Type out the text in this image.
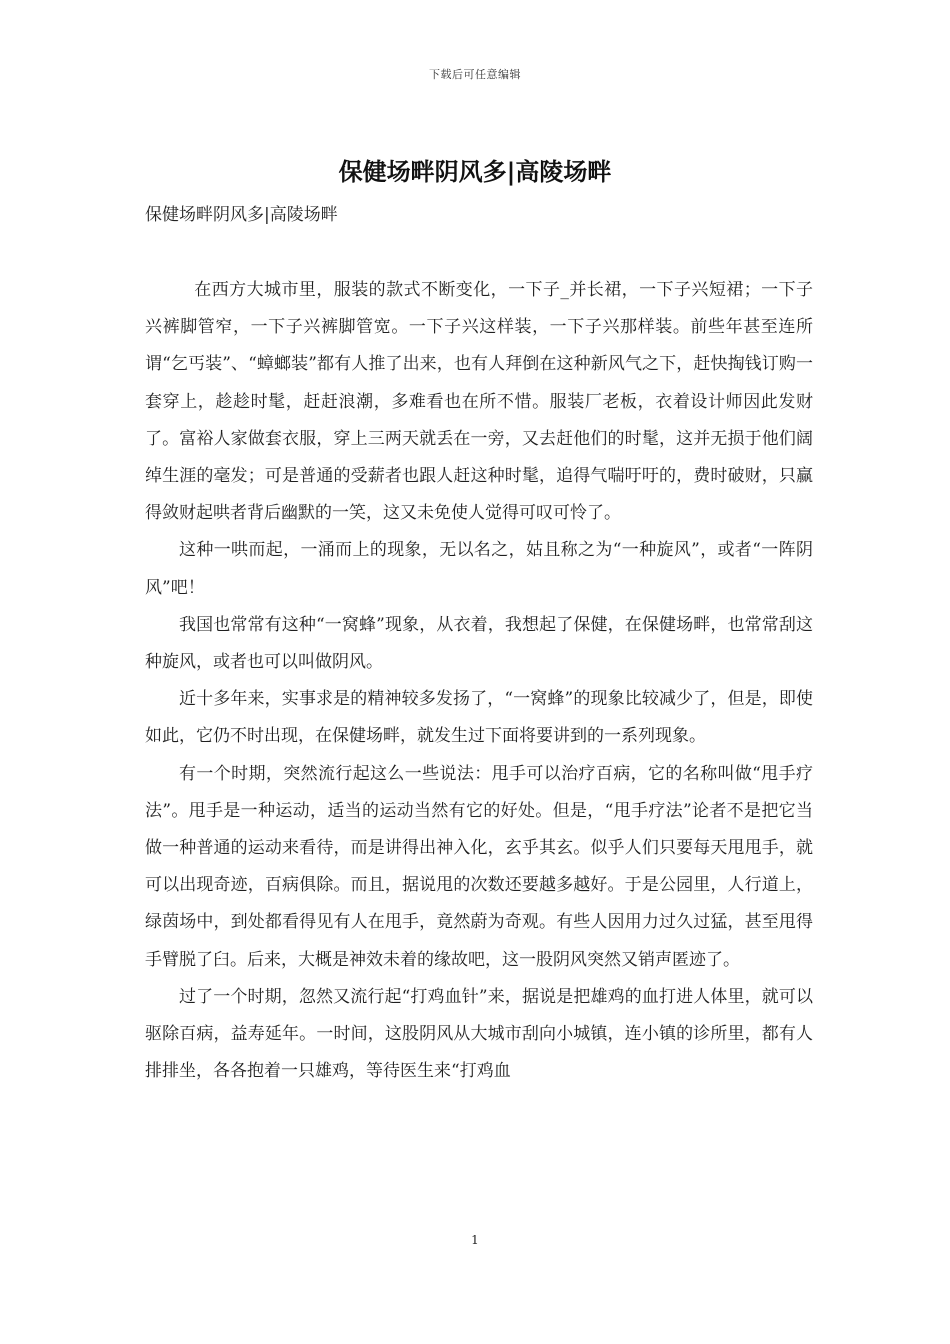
下载后可任意编辑
保健场畔阴风多|高陵场畔
保健场畔阴风多|高陵场畔

在西方大城市里，服装的款式不断变化，一下子_并长裙，一下子兴短裙；一下子兴裤脚管窄，一下子兴裤脚管宽。一下子兴这样装，一下子兴那样装。前些年甚至连所谓“乞丐装”、“蟑螂装”都有人推了出来，也有人拜倒在这种新风气之下，赶快掏钱订购一套穿上，趁趁时髦，赶赶浪潮，多难看也在所不惜。服装厂老板，衣着设计师因此发财了。富裕人家做套衣服，穿上三两天就丢在一旁，又去赶他们的时髦，这并无损于他们阔绰生涯的毫发；可是普通的受薪者也跟人赶这种时髦，追得气喘吁吁的，费时破财，只赢得敛财起哄者背后幽默的一笑，这又未免使人觉得可叹可怜了。

这种一哄而起，一涌而上的现象，无以名之，姑且称之为“一种旋风”，或者“一阵阴风”吧！

我国也常常有这种“一窝蜂”现象，从衣着，我想起了保健，在保健场畔，也常常刮这种旋风，或者也可以叫做阴风。

近十多年来，实事求是的精神较多发扬了，“一窝蜂”的现象比较减少了，但是，即使如此，它仍不时出现，在保健场畔，就发生过下面将要讲到的一系列现象。

有一个时期，突然流行起这么一些说法：甩手可以治疗百病，它的名称叫做“甩手疗法”。甩手是一种运动，适当的运动当然有它的好处。但是，“甩手疗法”论者不是把它当做一种普通的运动来看待，而是讲得出神入化，玄乎其玄。似乎人们只要每天甩甩手，就可以出现奇迹，百病俱除。而且，据说甩的次数还要越多越好。于是公园里，人行道上，绿茵场中，到处都看得见有人在甩手，竟然蔚为奇观。有些人因用力过久过猛，甚至甩得手臂脱了臼。后来，大概是神效未着的缘故吧，这一股阴风突然又销声匿迹了。

过了一个时期，忽然又流行起“打鸡血针”来，据说是把雄鸡的血打进人体里，就可以驱除百病，益寿延年。一时间，这股阴风从大城市刮向小城镇，连小镇的诊所里，都有人排排坐，各各抱着一只雄鸡，等待医生来“打鸡血

1
